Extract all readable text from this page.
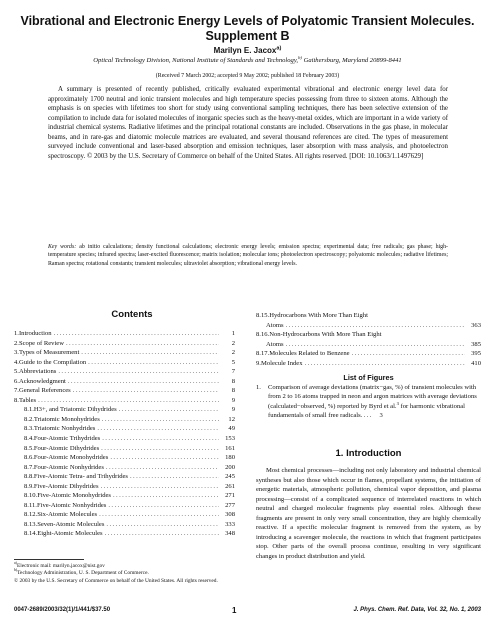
Vibrational and Electronic Energy Levels of Polyatomic Transient Molecules. Supplement B
Marilyn E. Jacox$^{a)}$
Optical Technology Division, National Institute of Standards and Technology,$^{b)}$ Gaithersburg, Maryland 20899-8441
(Received 7 March 2002; accepted 9 May 2002; published 18 February 2003)
A summary is presented of recently published, critically evaluated experimental vibrational and electronic energy level data for approximately 1700 neutral and ionic transient molecules and high temperature species possessing from three to sixteen atoms. Although the emphasis is on species with lifetimes too short for study using conventional sampling techniques, there has been selective extension of the compilation to include data for isolated molecules of inorganic species such as the heavy-metal oxides, which are important in a wide variety of industrial chemical systems. Radiative lifetimes and the principal rotational constants are included. Observations in the gas phase, in molecular beams, and in rare-gas and diatomic molecule matrices are evaluated, and several thousand references are cited. The types of measurement surveyed include conventional and laser-based absorption and emission techniques, laser absorption with mass analysis, and photoelectron spectroscopy. © 2003 by the U.S. Secretary of Commerce on behalf of the United States. All rights reserved. [DOI: 10.1063/1.1497629]
Key words: ab initio calculations; density functional calculations; electronic energy levels; emission spectra; experimental data; free radicals; gas phase; high-temperature species; infrared spectra; laser-excited fluorescence; matrix isolation; molecular ions; photoelectron spectroscopy; polyatomic molecules; radiative lifetimes; Raman spectra; rotational constants; transient molecules; ultraviolet absorption; vibrational energy levels.
Contents
1. Introduction .....	1
2. Scope of Review .....	2
3. Types of Measurement .....	2
4. Guide to the Compilation .....	5
5. Abbreviations .....	7
6. Acknowledgment .....	8
7. General References .....	8
8. Tables .....	9
8.1. H3+, and Triatomic Dihydrides .....	9
8.2. Triatomic Monohydrides .....	12
8.3. Triatomic Nonhydrides .....	49
8.4. Four-Atomic Trihydrides .....	153
8.5. Four-Atomic Dihydrides .....	161
8.6. Four-Atomic Monohydrides .....	180
8.7. Four-Atomic Nonhydrides .....	200
8.8. Five-Atomic Tetra- and Trihydrides .....	245
8.9. Five-Atomic Dihydrides .....	261
8.10. Five-Atomic Monohydrides .....	271
8.11. Five-Atomic Nonhydrides .....	277
8.12. Six-Atomic Molecules .....	308
8.13. Seven-Atomic Molecules .....	333
8.14. Eight-Atomic Molecules .....	348
8.15. Hydrocarbons With More Than Eight
Atoms .....	363
8.16. Non-Hydrocarbons With More Than Eight
Atoms .....	385
8.17. Molecules Related to Benzene .....	395
9. Molecule Index .....	410
List of Figures
1.	Comparison of average deviations (matrix−gas, %) of transient molecules with from 2 to 16 atoms trapped in neon and argon matrices with average deviations (calculated−observed, %) reported by Byrd et al.$^3$ for harmonic vibrational fundamentals of small free radicals.... 3
1. Introduction
Most chemical processes—including not only laboratory and industrial chemical syntheses but also those which occur in flames, propellant systems, the initiation of energetic materials, atmospheric pollution, chemical vapor deposition, and plasma processing—consist of a complicated sequence of interrelated reactions in which neutral and charged molecular fragments play essential roles. Although these fragments are present in only very small concentration, they are highly chemically reactive. If a specific molecular fragment is removed from the system, as by introducing a scavenger molecule, the reactions in which that fragment participates stop. Other parts of the overall process continue, resulting in very significant changes in product distribution and yield.
$^{a)}$Electronic mail: marilyn.jacox@nist.gov
$^{b)}$Technology Administration, U. S. Department of Commerce.
© 2003 by the U.S. Secretary of Commerce on behalf of the United States. All rights reserved.
0047-2689/2003/32(1)/1/441/$37.50	1	J. Phys. Chem. Ref. Data, Vol. 32, No. 1, 2003
